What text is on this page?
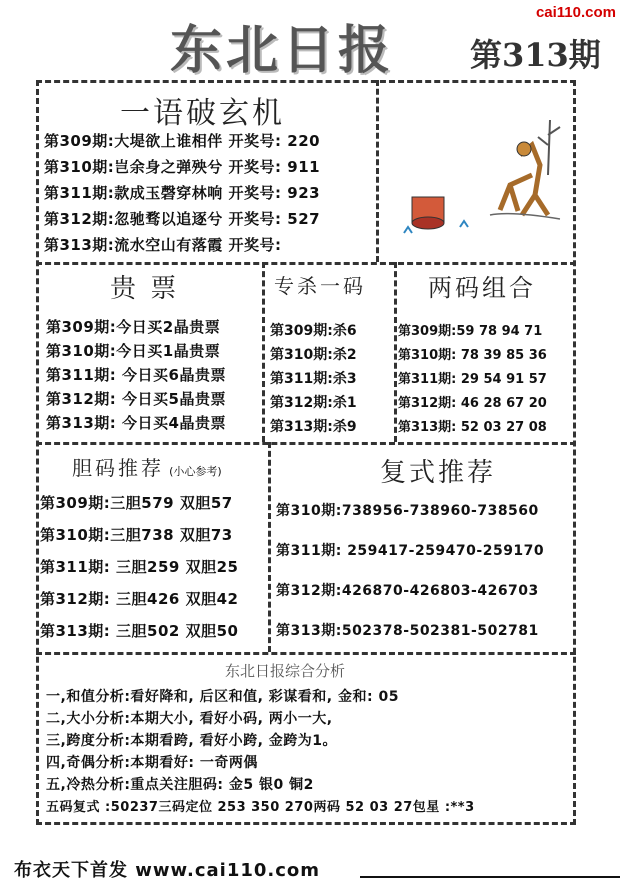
cai110.com
东北日报 第313期
一语破玄机
第309期:大堤欲上谁相伴 开奖号: 220
第310期:岂余身之弹殃兮 开奖号: 911
第311期:款成玉磬穿林响 开奖号: 923
第312期:忽驰骛以追逐兮 开奖号: 527
第313期:流水空山有落霞 开奖号:
贵 票
第309期:今日买2晶贵票
第310期:今日买1晶贵票
第311期: 今日买6晶贵票
第312期: 今日买5晶贵票
第313期: 今日买4晶贵票
专杀一码
第309期:杀6
第310期:杀2
第311期:杀3
第312期:杀1
第313期:杀9
两码组合
第309期:59 78 94 71
第310期: 78 39 85 36
第311期: 29 54 91 57
第312期: 46 28 67 20
第313期: 52 03 27 08
胆码推荐 (小心参考)
第309期:三胆579 双胆57
第310期:三胆738 双胆73
第311期: 三胆259 双胆25
第312期: 三胆426 双胆42
第313期: 三胆502 双胆50
复式推荐
第310期:738956-738960-738560
第311期: 259417-259470-259170
第312期:426870-426803-426703
第313期:502378-502381-502781
东北日报综合分析
一,和值分析:看好降和, 后区和值, 彩谋看和, 金和: 05
二,大小分析:本期大小, 看好小码, 两小一大,
三,跨度分析:本期看跨, 看好小跨, 金跨为1。
四,奇偶分析:本期看好: 一奇两偶
五,冷热分析:重点关注胆码: 金5 银0 铜2
五码复式 :50237三码定位 253 350 270两码 52 03 27包星 :**3
布衣天下首发 www.cai110.com
